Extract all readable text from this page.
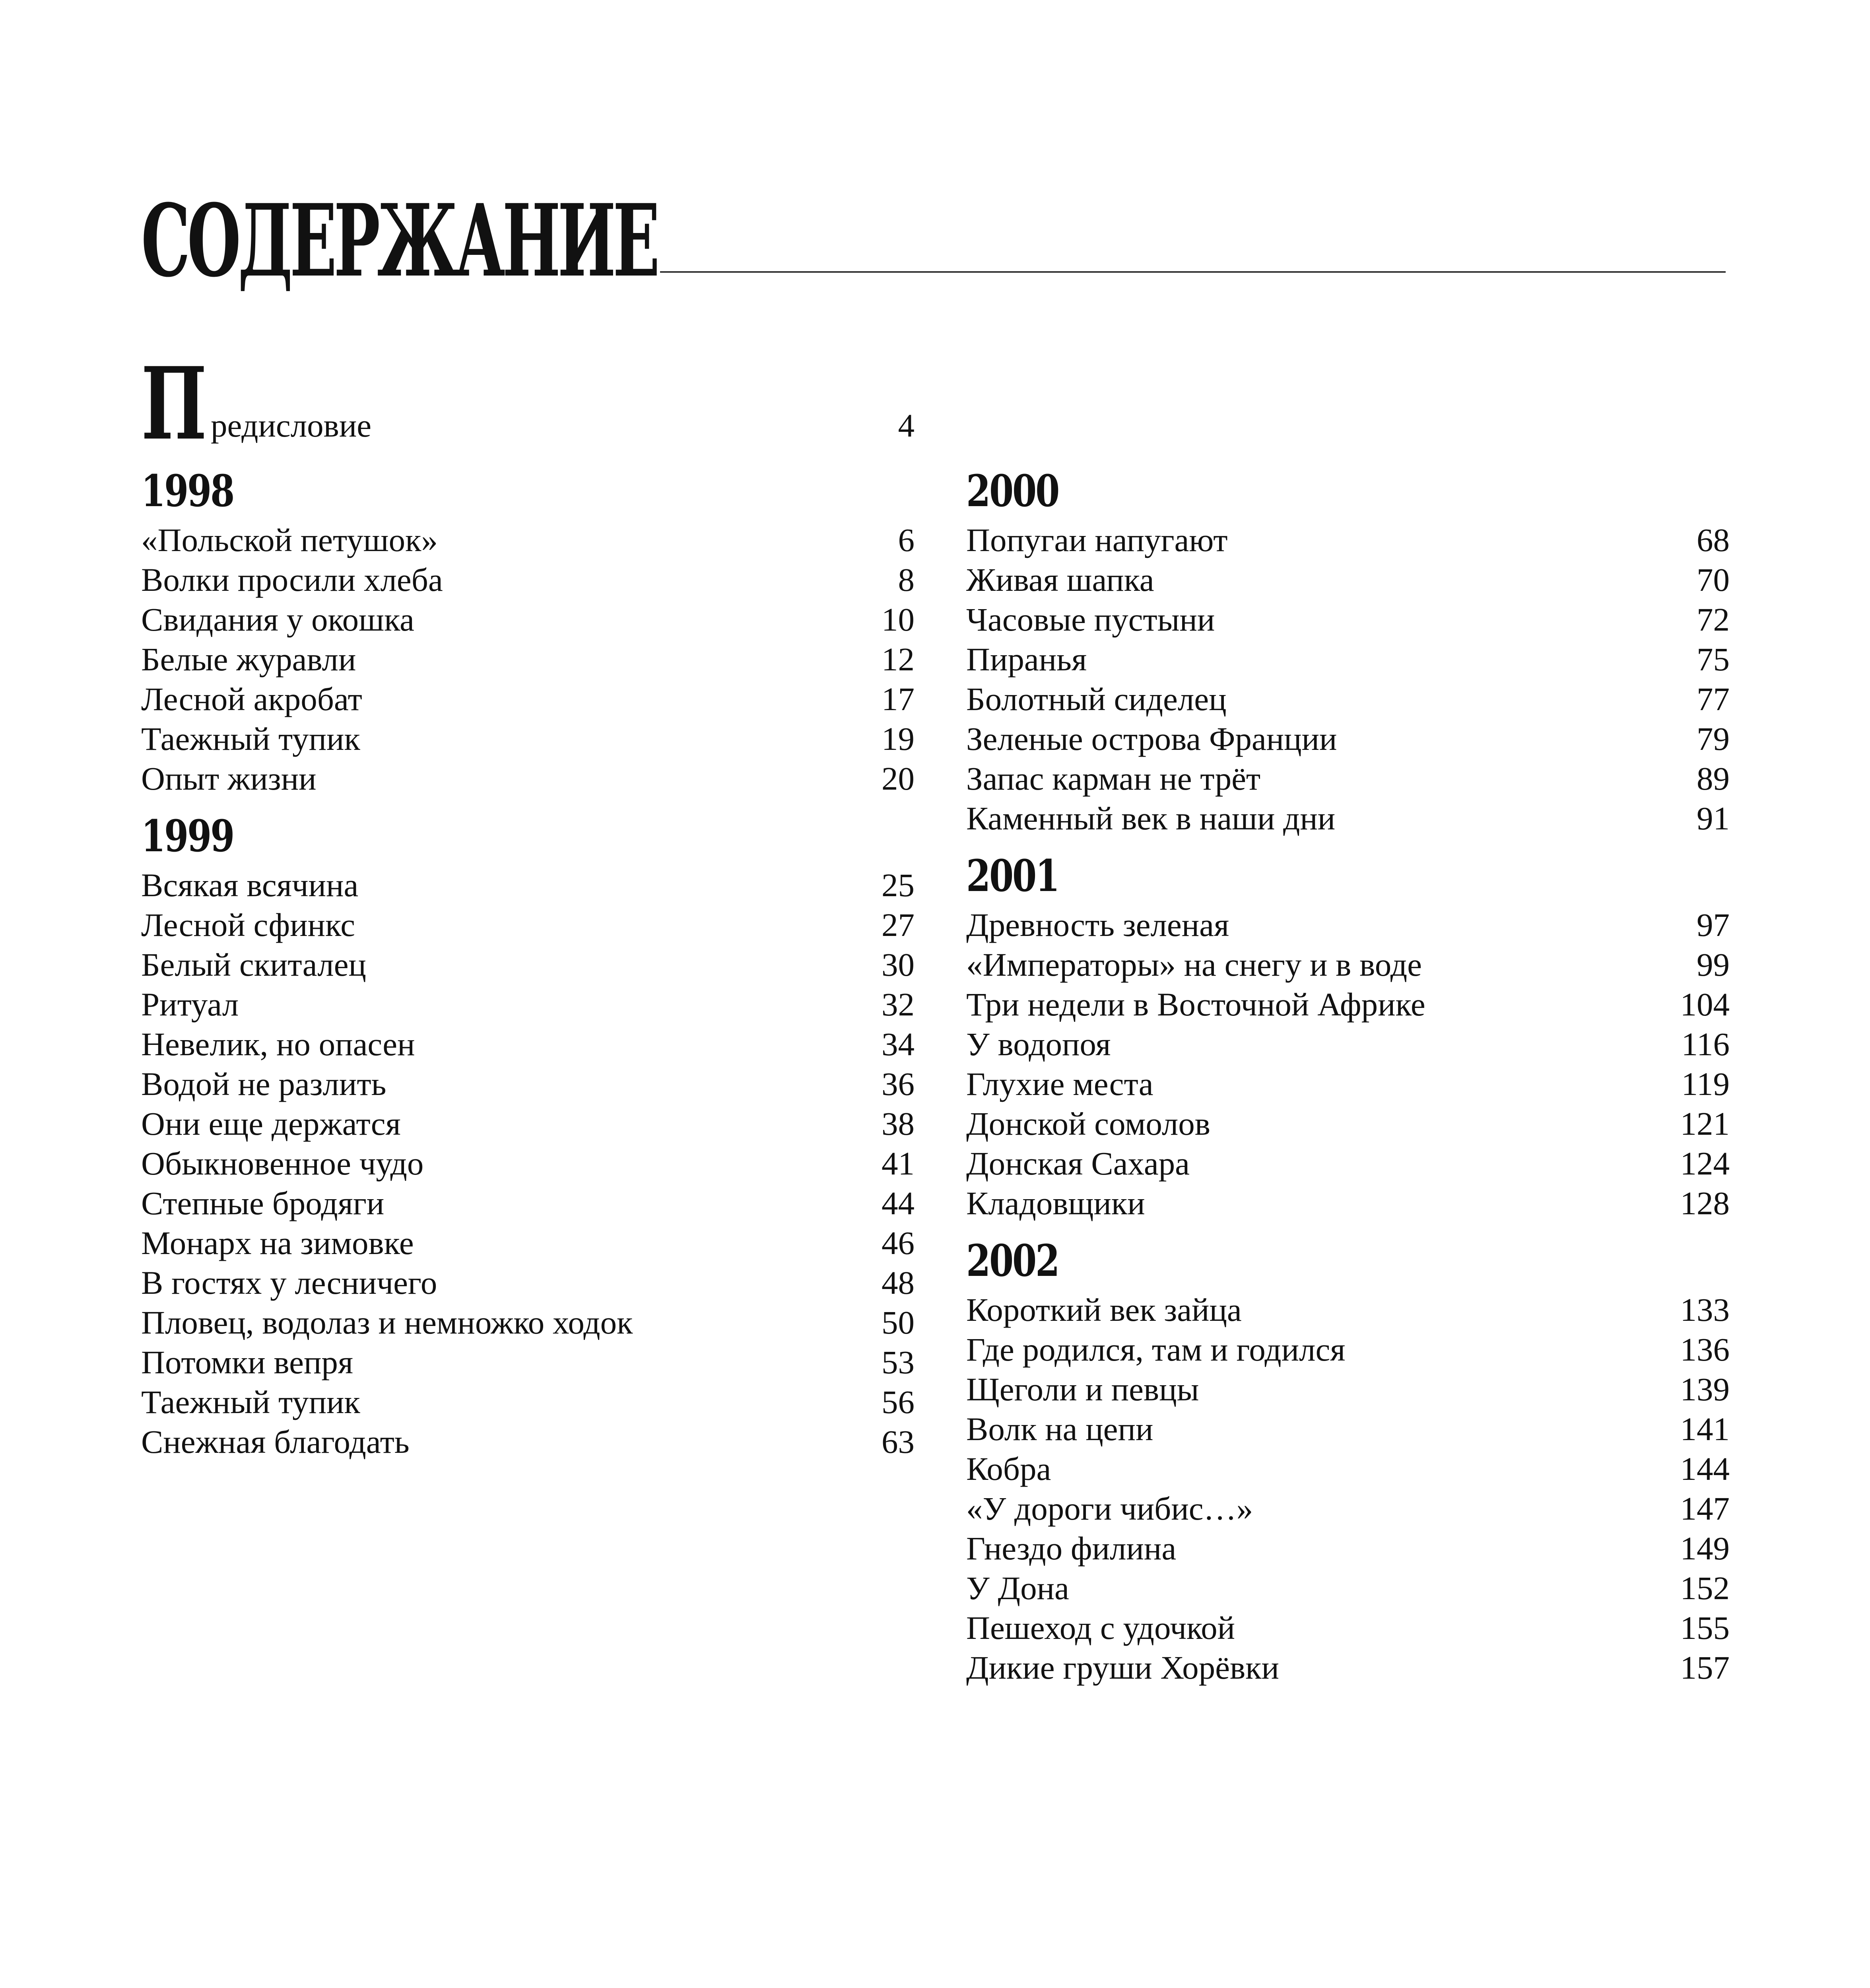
СОДЕРЖАНИЕ
П редисловие	4
1998
«Польской петушок»	6
Волки просили хлеба	8
Свидания у окошка	10
Белые журавли	12
Лесной акробат	17
Таежный тупик	19
Опыт жизни	20
1999
Всякая всячина	25
Лесной сфинкс	27
Белый скиталец	30
Ритуал	32
Невелик, но опасен	34
Водой не разлить	36
Они еще держатся	38
Обыкновенное чудо	41
Степные бродяги	44
Монарх на зимовке	46
В гостях у лесничего	48
Пловец, водолаз и немножко ходок	50
Потомки вепря	53
Таежный тупик	56
Снежная благодать	63
2000
Попугаи напугают	68
Живая шапка	70
Часовые пустыни	72
Пиранья	75
Болотный сиделец	77
Зеленые острова Франции	79
Запас карман не трёт	89
Каменный век в наши дни	91
2001
Древность зеленая	97
«Императоры» на снегу и в воде	99
Три недели в Восточной Африке	104
У водопоя	116
Глухие места	119
Донской сомолов	121
Донская Сахара	124
Кладовщики	128
2002
Короткий век зайца	133
Где родился, там и годился	136
Щеголи и певцы	139
Волк на цепи	141
Кобра	144
«У дороги чибис…»	147
Гнездо филина	149
У Дона	152
Пешеход с удочкой	155
Дикие груши Хорёвки	157
